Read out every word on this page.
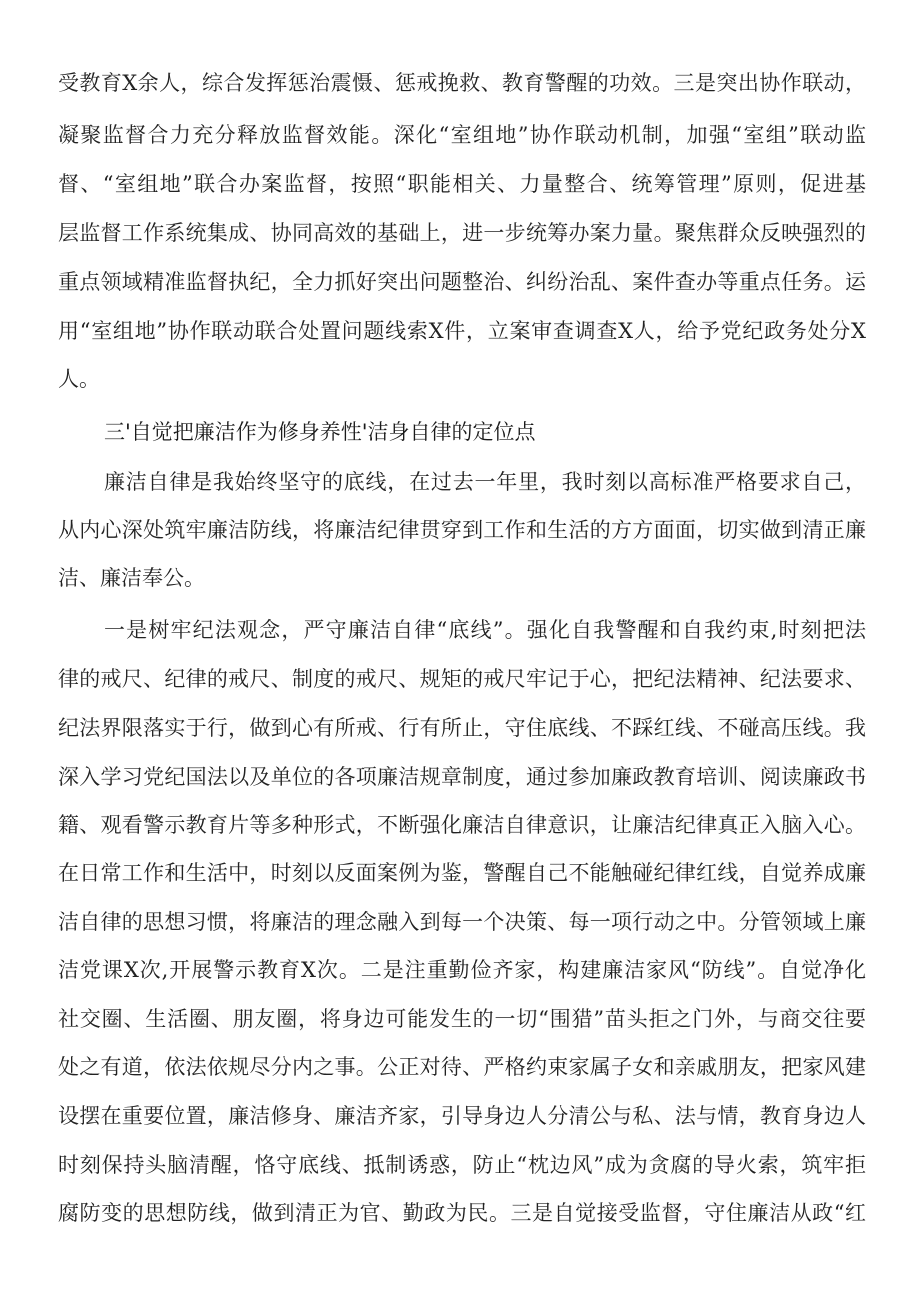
受教育X余人，综合发挥惩治震慑、惩戒挽救、教育警醒的功效。三是突出协作联动，
凝聚监督合力充分释放监督效能。深化“室组地”协作联动机制，加强“室组”联动监
督、“室组地”联合办案监督，按照“职能相关、力量整合、统筹管理”原则，促进基
层监督工作系统集成、协同高效的基础上，进一步统筹办案力量。聚焦群众反映强烈的
重点领域精准监督执纪，全力抓好突出问题整治、纠纷治乱、案件查办等重点任务。运
用“室组地”协作联动联合处置问题线索X件，立案审查调查X人，给予党纪政务处分X
人。
三'自觉把廉洁作为修身养性'洁身自律的定位点
廉洁自律是我始终坚守的底线，在过去一年里，我时刻以高标准严格要求自己，
从内心深处筑牢廉洁防线，将廉洁纪律贯穿到工作和生活的方方面面，切实做到清正廉
洁、廉洁奉公。
一是树牢纪法观念，严守廉洁自律“底线”。强化自我警醒和自我约束,时刻把法
律的戒尺、纪律的戒尺、制度的戒尺、规矩的戒尺牢记于心，把纪法精神、纪法要求、
纪法界限落实于行，做到心有所戒、行有所止，守住底线、不踩红线、不碰高压线。我
深入学习党纪国法以及单位的各项廉洁规章制度，通过参加廉政教育培训、阅读廉政书
籍、观看警示教育片等多种形式，不断强化廉洁自律意识，让廉洁纪律真正入脑入心。
在日常工作和生活中，时刻以反面案例为鉴，警醒自己不能触碰纪律红线，自觉养成廉
洁自律的思想习惯，将廉洁的理念融入到每一个决策、每一项行动之中。分管领域上廉
洁党课X次,开展警示教育X次。二是注重勤俭齐家，构建廉洁家风“防线”。自觉净化
社交圈、生活圈、朋友圈，将身边可能发生的一切“围猎”苗头拒之门外，与商交往要
处之有道，依法依规尽分内之事。公正对待、严格约束家属子女和亲戚朋友，把家风建
设摆在重要位置，廉洁修身、廉洁齐家，引导身边人分清公与私、法与情，教育身边人
时刻保持头脑清醒，恪守底线、抵制诱惑，防止“枕边风”成为贪腐的导火索，筑牢拒
腐防变的思想防线，做到清正为官、勤政为民。三是自觉接受监督，守住廉洁从政“红
